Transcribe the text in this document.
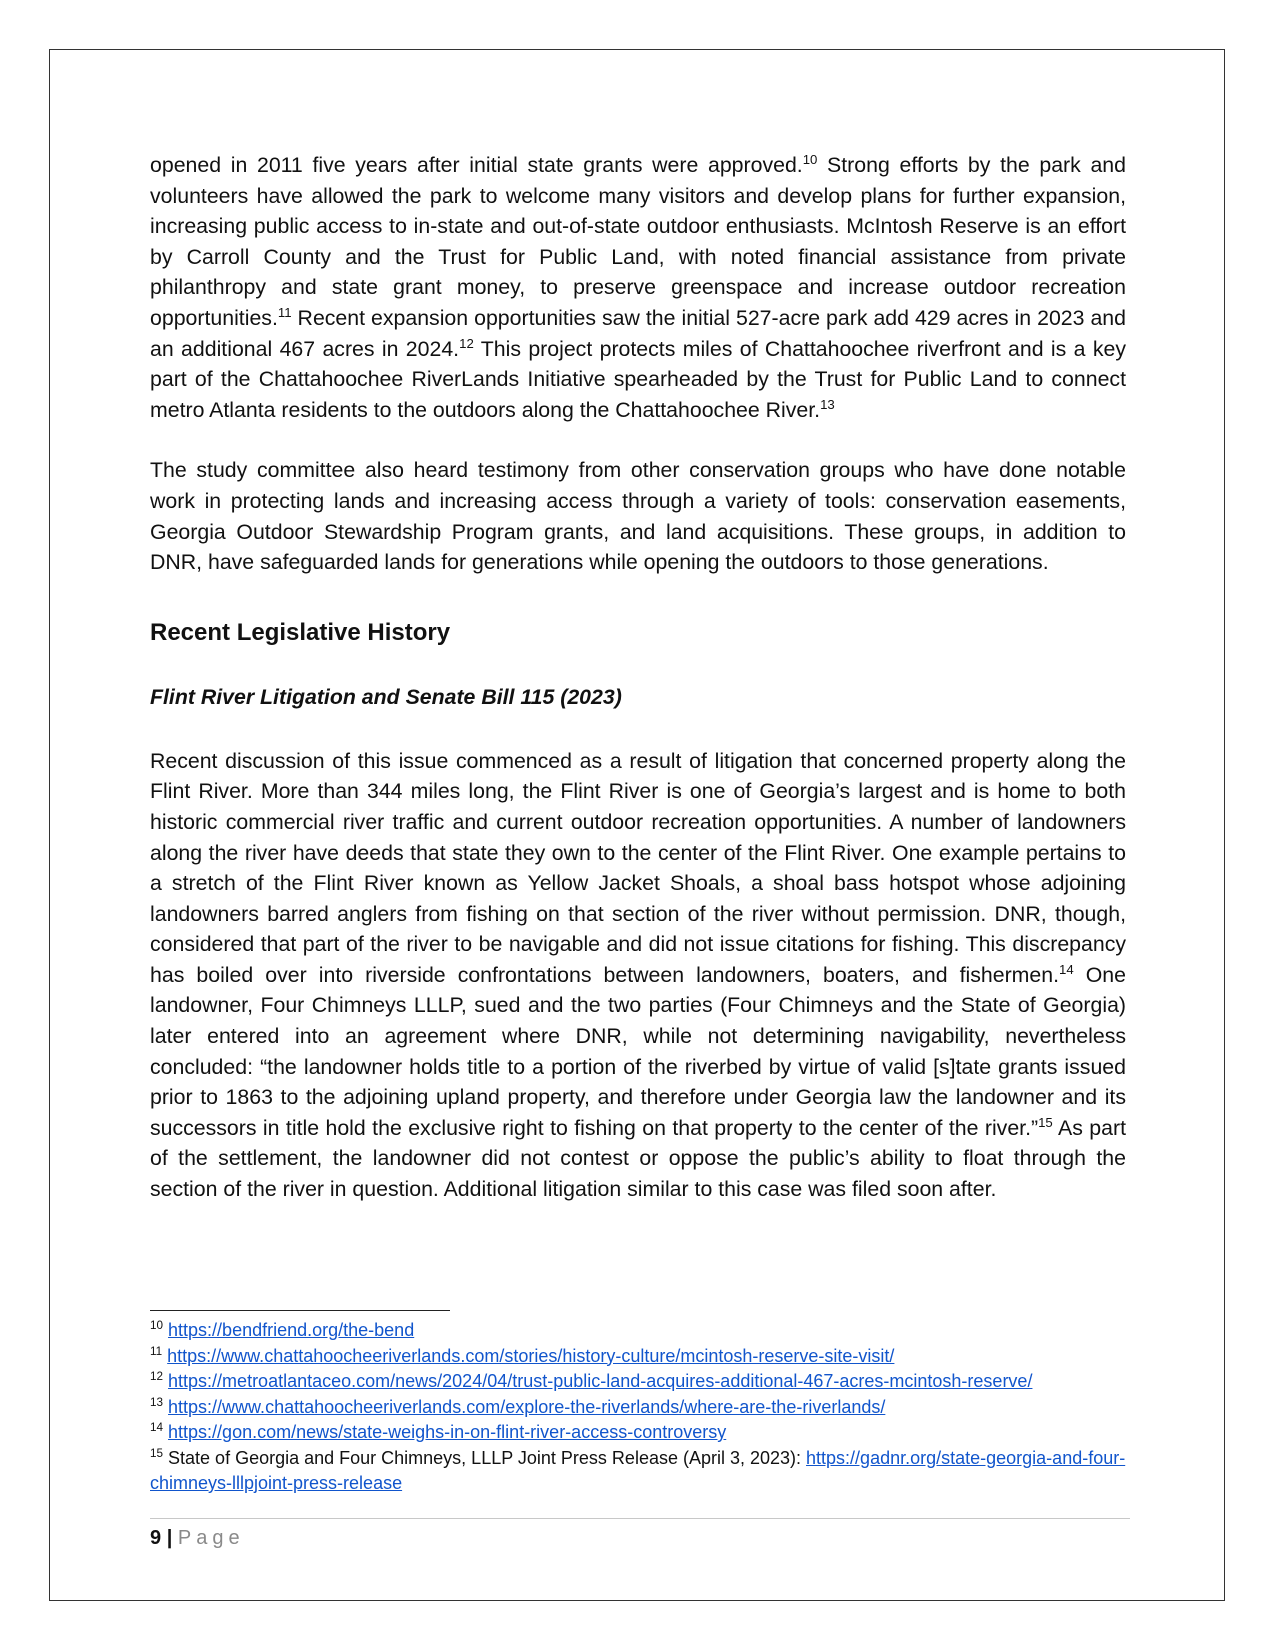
opened in 2011 five years after initial state grants were approved.$^{10}$ Strong efforts by the park and volunteers have allowed the park to welcome many visitors and develop plans for further expansion, increasing public access to in-state and out-of-state outdoor enthusiasts. McIntosh Reserve is an effort by Carroll County and the Trust for Public Land, with noted financial assistance from private philanthropy and state grant money, to preserve greenspace and increase outdoor recreation opportunities.$^{11}$ Recent expansion opportunities saw the initial 527-acre park add 429 acres in 2023 and an additional 467 acres in 2024.12 This project protects miles of Chattahoochee riverfront and is a key part of the Chattahoochee RiverLands Initiative spearheaded by the Trust for Public Land to connect metro Atlanta residents to the outdoors along the Chattahoochee River.$^{13}$

The study committee also heard testimony from other conservation groups who have done notable work in protecting lands and increasing access through a variety of tools: conservation easements, Georgia Outdoor Stewardship Program grants, and land acquisitions. These groups, in addition to DNR, have safeguarded lands for generations while opening the outdoors to those generations.

Recent Legislative History
Flint River Litigation and Senate Bill 115 (2023)

Recent discussion of this issue commenced as a result of litigation that concerned property along the Flint River. More than 344 miles long, the Flint River is one of Georgia’s largest and is home to both historic commercial river traffic and current outdoor recreation opportunities. A number of landowners along the river have deeds that state they own to the center of the Flint River. One example pertains to a stretch of the Flint River known as Yellow Jacket Shoals, a shoal bass hotspot whose adjoining landowners barred anglers from fishing on that section of the river without permission. DNR, though, considered that part of the river to be navigable and did not issue citations for fishing. This discrepancy has boiled over into riverside confrontations between landowners, boaters, and fishermen.$^{14}$ One landowner, Four Chimneys LLLP, sued and the two parties (Four Chimneys and the State of Georgia) later entered into an agreement where DNR, while not determining navigability, nevertheless concluded: “the landowner holds title to a portion of the riverbed by virtue of valid [s]tate grants issued prior to 1863 to the adjoining upland property, and therefore under Georgia law the landowner and its successors in title hold the exclusive right to fishing on that property to the center of the river.”$^{15}$ As part of the settlement, the landowner did not contest or oppose the public’s ability to float through the section of the river in question. Additional litigation similar to this case was filed soon after.

$^{10}$ https://bendfriend.org/the-bend
$^{11}$ https://www.chattahoocheeriverlands.com/stories/history-culture/mcintosh-reserve-site-visit/
$^{12}$ https://metroatlantaceo.com/news/2024/04/trust-public-land-acquires-additional-467-acres-mcintosh-reserve/
$^{13}$ https://www.chattahoocheeriverlands.com/explore-the-riverlands/where-are-the-riverlands/
$^{14}$ https://gon.com/news/state-weighs-in-on-flint-river-access-controversy
$^{15}$ State of Georgia and Four Chimneys, LLLP Joint Press Release (April 3, 2023): https://gadnr.org/state-georgia-and-four-chimneys-lllpjoint-press-release
9 | Page
